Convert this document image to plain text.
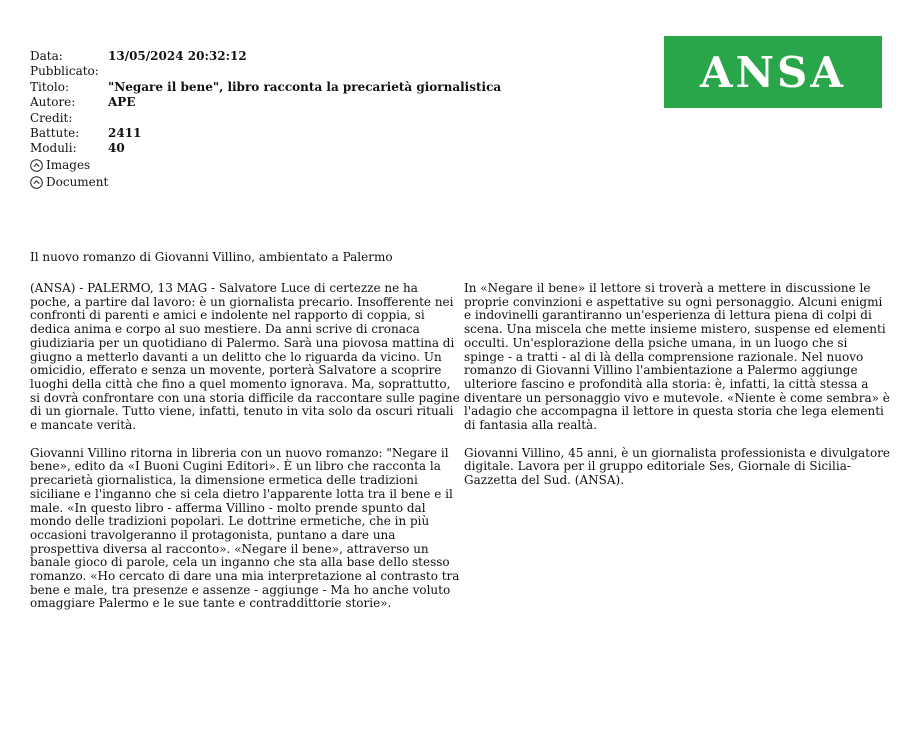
Data:	13/05/2024 20:32:12
Pubblicato:
Titolo:	"Negare il bene", libro racconta la precarietà giornalistica
Autore:	APE
Credit:
Battute:	2411
Moduli:	40
Images
Document
ANSA
Il nuovo romanzo di Giovanni Villino, ambientato a Palermo

(ANSA) - PALERMO, 13 MAG - Salvatore Luce di certezze ne ha poche, a partire dal lavoro: è un giornalista precario. Insofferente nei confronti di parenti e amici e indolente nel rapporto di coppia, si dedica anima e corpo al suo mestiere. Da anni scrive di cronaca giudiziaria per un quotidiano di Palermo. Sarà una piovosa mattina di giugno a metterlo davanti a un delitto che lo riguarda da vicino. Un omicidio, efferato e senza un movente, porterà Salvatore a scoprire luoghi della città che fino a quel momento ignorava. Ma, soprattutto, si dovrà confrontare con una storia difficile da raccontare sulle pagine di un giornale. Tutto viene, infatti, tenuto in vita solo da oscuri rituali e mancate verità.

Giovanni Villino ritorna in libreria con un nuovo romanzo: "Negare il bene», edito da «I Buoni Cugini Editori». È un libro che racconta la precarietà giornalistica, la dimensione ermetica delle tradizioni siciliane e l'inganno che si cela dietro l'apparente lotta tra il bene e il male. «In questo libro - afferma Villino - molto prende spunto dal mondo delle tradizioni popolari. Le dottrine ermetiche, che in più occasioni travolgeranno il protagonista, puntano a dare una prospettiva diversa al racconto». «Negare il bene», attraverso un banale gioco di parole, cela un inganno che sta alla base dello stesso romanzo. «Ho cercato di dare una mia interpretazione al contrasto tra bene e male, tra presenze e assenze - aggiunge - Ma ho anche voluto omaggiare Palermo e le sue tante e contraddittorie storie».

In «Negare il bene» il lettore si troverà a mettere in discussione le proprie convinzioni e aspettative su ogni personaggio. Alcuni enigmi e indovinelli garantiranno un'esperienza di lettura piena di colpi di scena. Una miscela che mette insieme mistero, suspense ed elementi occulti. Un'esplorazione della psiche umana, in un luogo che si spinge - a tratti - al di là della comprensione razionale. Nel nuovo romanzo di Giovanni Villino l'ambientazione a Palermo aggiunge ulteriore fascino e profondità alla storia: è, infatti, la città stessa a diventare un personaggio vivo e mutevole. «Niente è come sembra» è l'adagio che accompagna il lettore in questa storia che lega elementi di fantasia alla realtà.

Giovanni Villino, 45 anni, è un giornalista professionista e divulgatore digitale. Lavora per il gruppo editoriale Ses, Giornale di Sicilia-Gazzetta del Sud. (ANSA).
